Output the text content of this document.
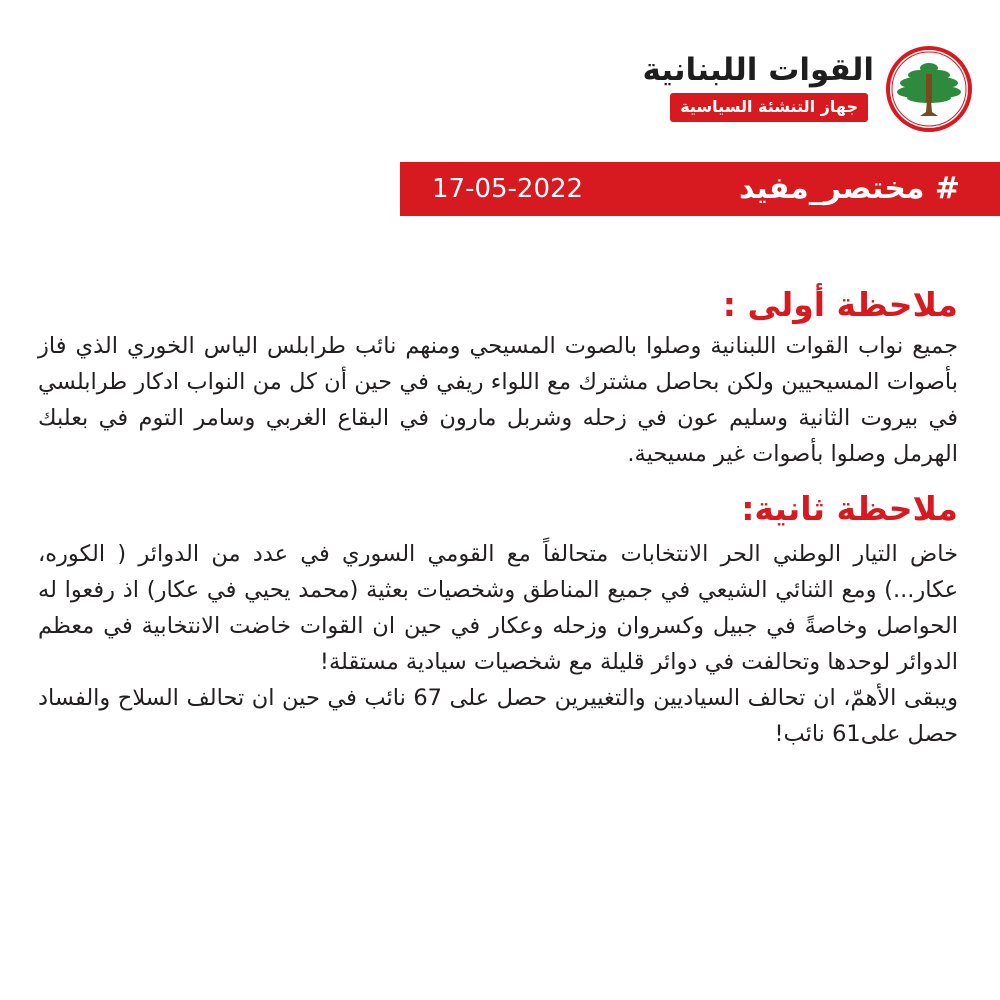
القوات اللبنانية
جهاز التنشئة السياسية
# مختصر_مفيد
17-05-2022
ملاحظة أولى :

جميع نواب القوات اللبنانية وصلوا بالصوت المسيحي ومنهم نائب طرابلس الياس الخوري الذي فاز بأصوات المسيحيين ولكن بحاصل مشترك مع اللواء ريفي في حين أن كل من النواب ادكار طرابلسي في بيروت الثانية وسليم عون في زحله وشربل مارون في البقاع الغربي وسامر التوم في بعلبك الهرمل وصلوا بأصوات غير مسيحية.

ملاحظة ثانية:

خاض التيار الوطني الحر الانتخابات متحالفاً مع القومي السوري في عدد من الدوائر ( الكوره، عكار...) ومع الثنائي الشيعي في جميع المناطق وشخصيات بعثية (محمد يحيي في عكار) اذ رفعوا له الحواصل وخاصةً في جبيل وكسروان وزحله وعكار في حين ان القوات خاضت الانتخابية في معظم الدوائر لوحدها وتحالفت في دوائر قليلة مع شخصيات سيادية مستقلة!

ويبقى الأهمّ، ان تحالف السياديين والتغييرين حصل على 67 نائب في حين ان تحالف السلاح والفساد حصل على61 نائب!
